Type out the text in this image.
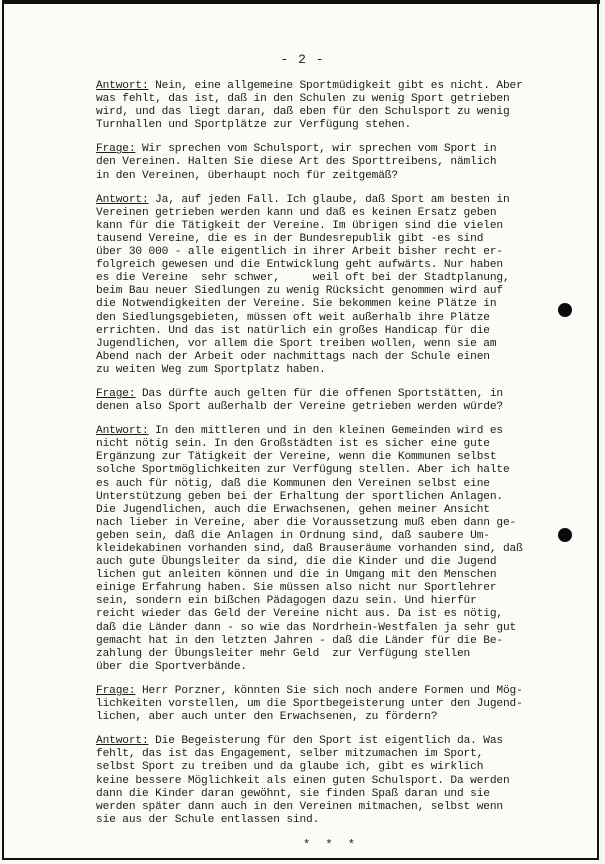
- 2 -
Antwort: Nein, eine allgemeine Sportmüdigkeit gibt es nicht. Aber
was fehlt, das ist, daß in den Schulen zu wenig Sport getrieben
wird, und das liegt daran, daß eben für den Schulsport zu wenig
Turnhallen und Sportplätze zur Verfügung stehen.
Frage: Wir sprechen vom Schulsport, wir sprechen vom Sport in
den Vereinen. Halten Sie diese Art des Sporttreibens, nämlich
in den Vereinen, überhaupt noch für zeitgemäß?
Antwort: Ja, auf jeden Fall. Ich glaube, daß Sport am besten in
Vereinen getrieben werden kann und daß es keinen Ersatz geben
kann für die Tätigkeit der Vereine. Im übrigen sind die vielen
tausend Vereine, die es in der Bundesrepublik gibt -es sind
über 30 000 - alle eigentlich in ihrer Arbeit bisher recht er-
folgreich gewesen und die Entwicklung geht aufwärts. Nur haben
es die Vereine  sehr schwer,     weil oft bei der Stadtplanung,
beim Bau neuer Siedlungen zu wenig Rücksicht genommen wird auf
die Notwendigkeiten der Vereine. Sie bekommen keine Plätze in
den Siedlungsgebieten, müssen oft weit außerhalb ihre Plätze
errichten. Und das ist natürlich ein großes Handicap für die
Jugendlichen, vor allem die Sport treiben wollen, wenn sie am
Abend nach der Arbeit oder nachmittags nach der Schule einen
zu weiten Weg zum Sportplatz haben.
Frage: Das dürfte auch gelten für die offenen Sportstätten, in
denen also Sport außerhalb der Vereine getrieben werden würde?
Antwort: In den mittleren und in den kleinen Gemeinden wird es
nicht nötig sein. In den Großstädten ist es sicher eine gute
Ergänzung zur Tätigkeit der Vereine, wenn die Kommunen selbst
solche Sportmöglichkeiten zur Verfügung stellen. Aber ich halte
es auch für nötig, daß die Kommunen den Vereinen selbst eine
Unterstützung geben bei der Erhaltung der sportlichen Anlagen.
Die Jugendlichen, auch die Erwachsenen, gehen meiner Ansicht
nach lieber in Vereine, aber die Voraussetzung muß eben dann ge-
geben sein, daß die Anlagen in Ordnung sind, daß saubere Um-
kleidekabinen vorhanden sind, daß Brauseräume vorhanden sind, daß
auch gute Übungsleiter da sind, die die Kinder und die Jugend
lichen gut anleiten können und die in Umgang mit den Menschen
einige Erfahrung haben. Sie müssen also nicht nur Sportlehrer
sein, sondern ein bißchen Pädagogen dazu sein. Und hierfür
reicht wieder das Geld der Vereine nicht aus. Da ist es nötig,
daß die Länder dann - so wie das Nordrhein-Westfalen ja sehr gut
gemacht hat in den letzten Jahren - daß die Länder für die Be-
zahlung der Übungsleiter mehr Geld  zur Verfügung stellen
über die Sportverbände.
Frage: Herr Porzner, könnten Sie sich noch andere Formen und Mög-
lichkeiten vorstellen, um die Sportbegeisterung unter den Jugend-
lichen, aber auch unter den Erwachsenen, zu fördern?
Antwort: Die Begeisterung für den Sport ist eigentlich da. Was
fehlt, das ist das Engagement, selber mitzumachen im Sport,
selbst Sport zu treiben und da glaube ich, gibt es wirklich
keine bessere Möglichkeit als einen guten Schulsport. Da werden
dann die Kinder daran gewöhnt, sie finden Spaß daran und sie
werden später dann auch in den Vereinen mitmachen, selbst wenn
sie aus der Schule entlassen sind.
* * *
